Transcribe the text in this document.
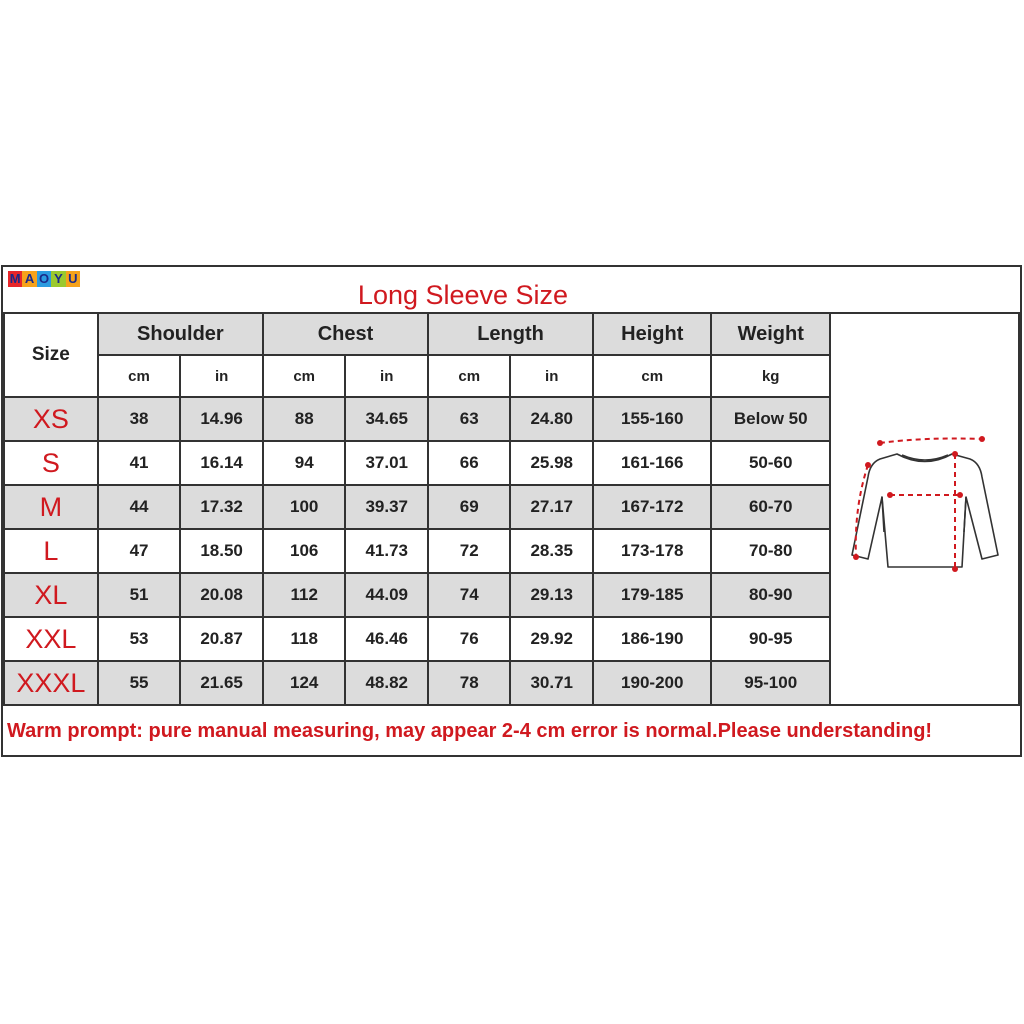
M A O Y U
Long Sleeve Size
Size	Shoulder		Chest		Length		Height	Weight	
	cm	in	cm	in	cm	in	cm	kg	
XS	38	14.96	88	34.65	63	24.80	155-160	Below 50	
S	41	16.14	94	37.01	66	25.98	161-166	50-60	
M	44	17.32	100	39.37	69	27.17	167-172	60-70	
L	47	18.50	106	41.73	72	28.35	173-178	70-80	
XL	51	20.08	112	44.09	74	29.13	179-185	80-90	
XXL	53	20.87	118	46.46	76	29.92	186-190	90-95	
XXXL	55	21.65	124	48.82	78	30.71	190-200	95-100	
Warm prompt: pure manual measuring, may appear 2-4 cm error is normal.Please understanding!
